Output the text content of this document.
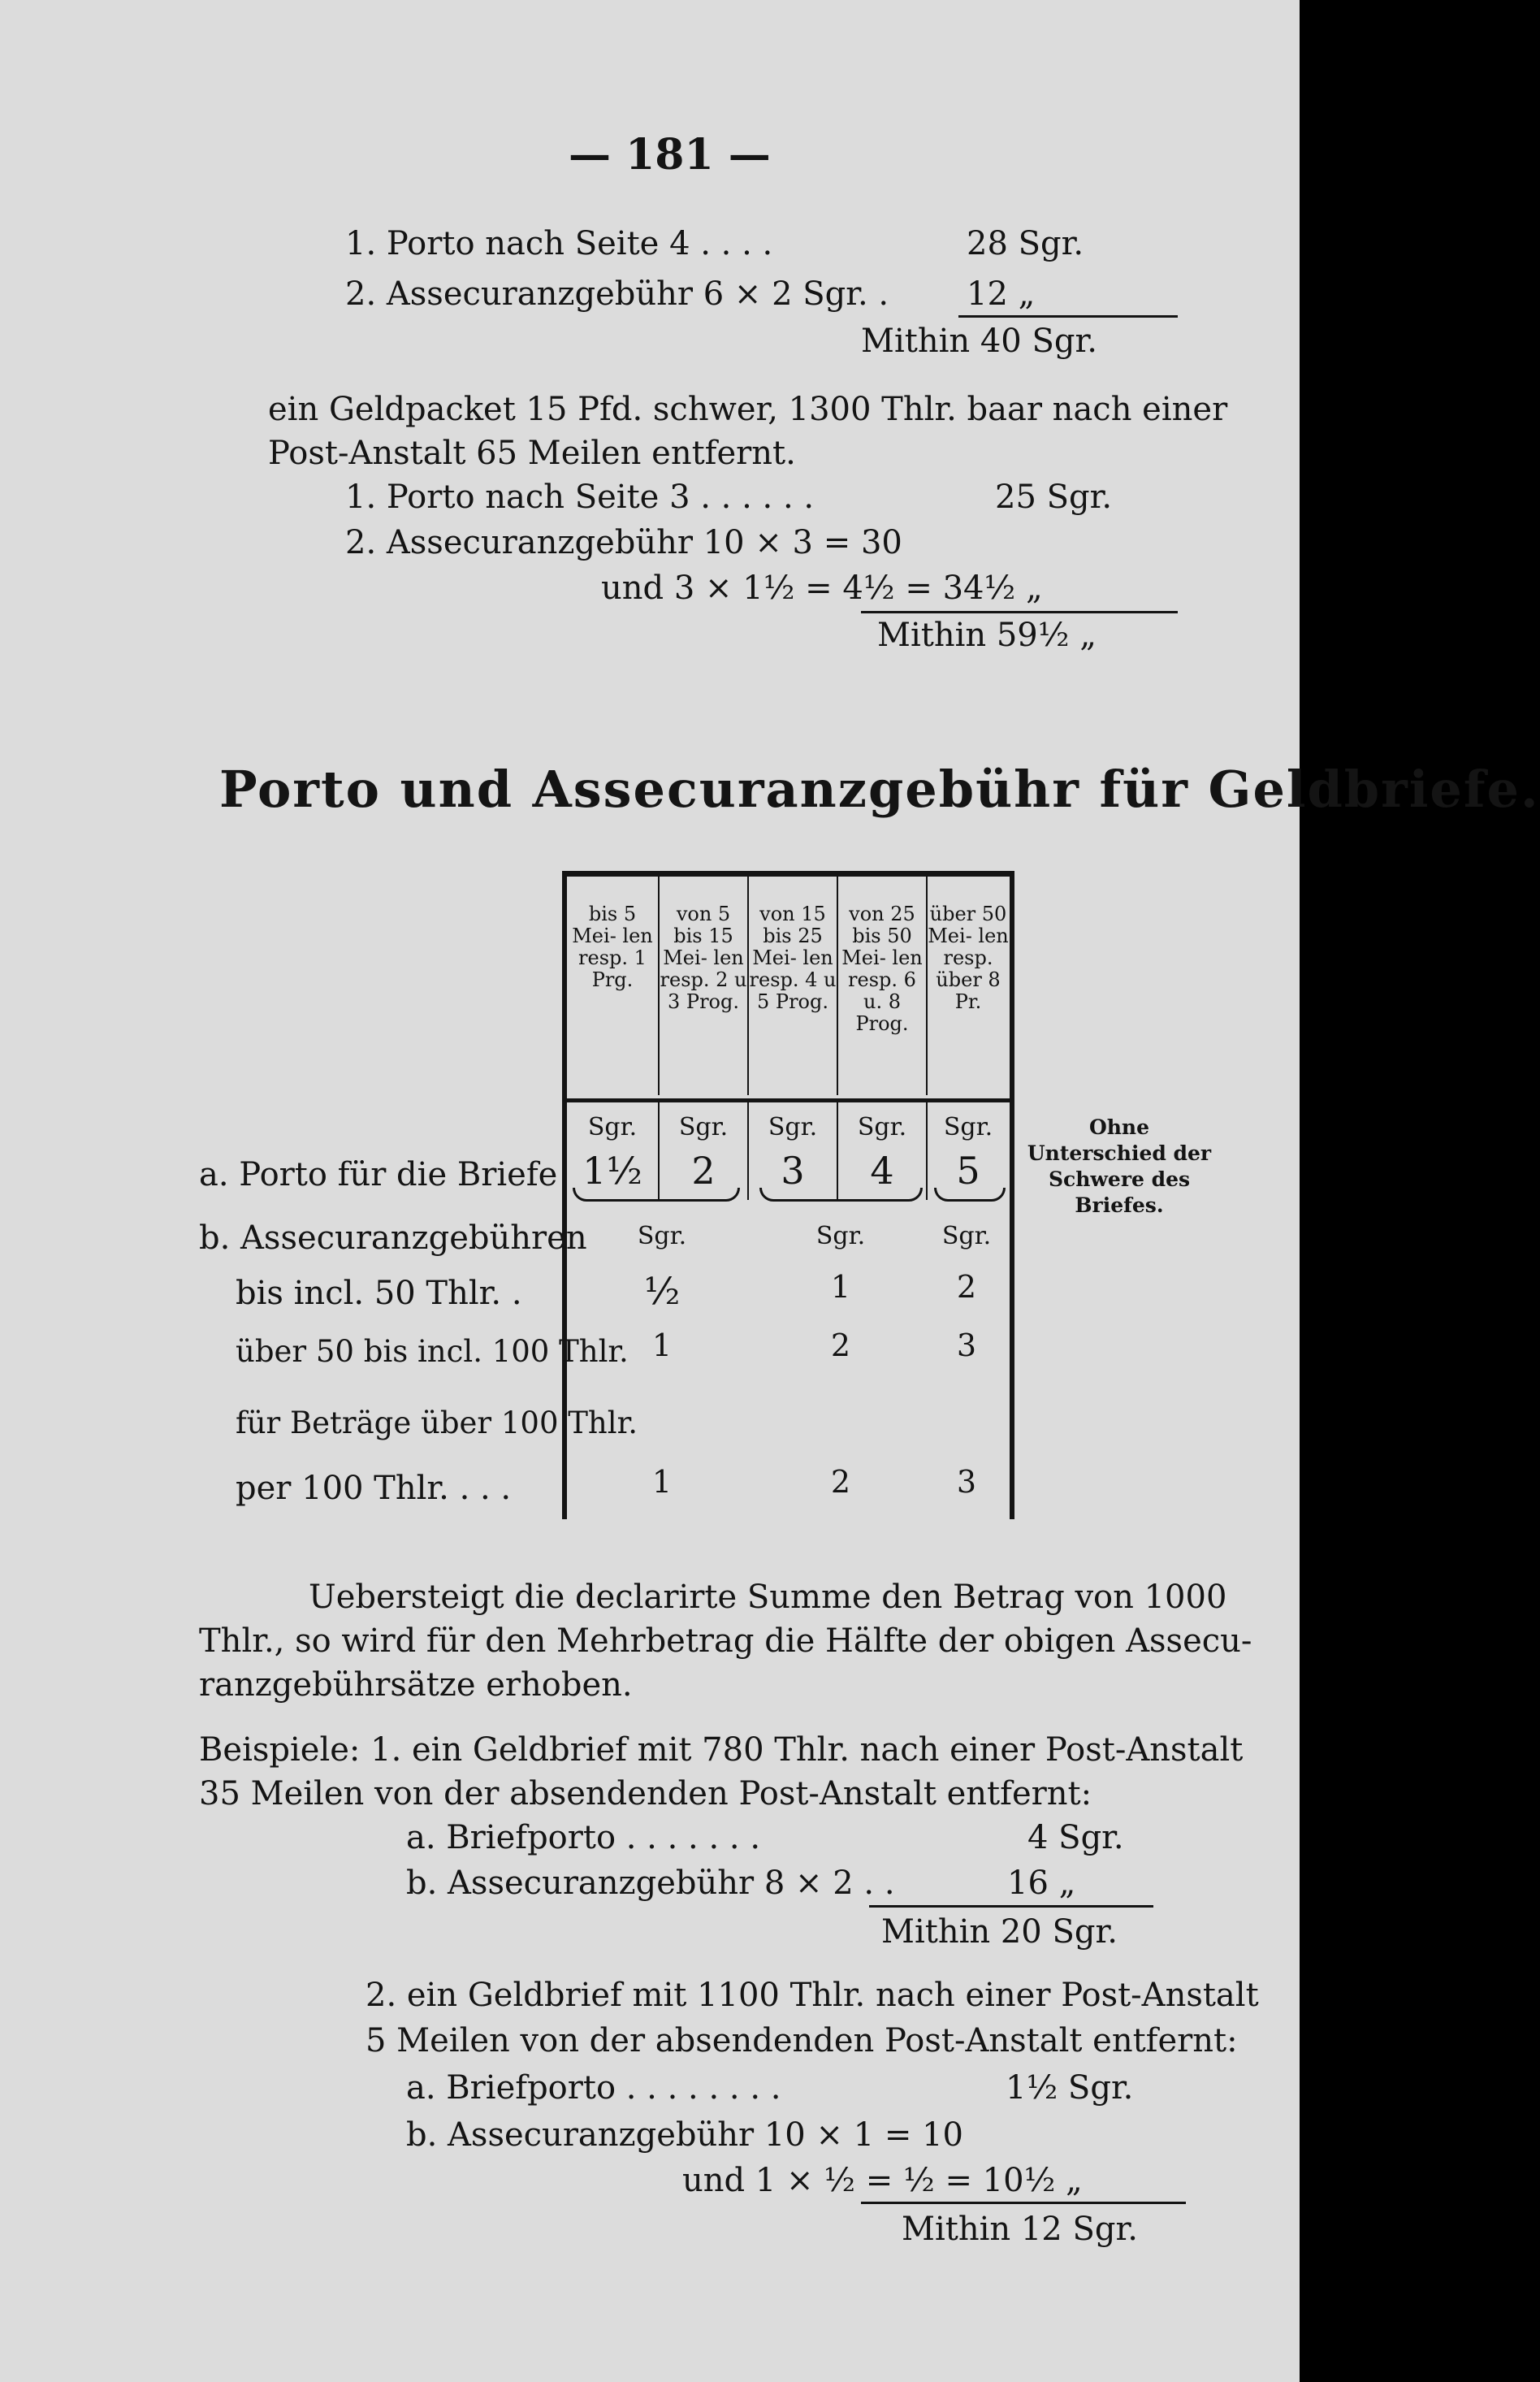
— 181 —
1. Porto nach Seite 4 . . . .	28 Sgr.
2. Assecuranzgebühr 6 × 2 Sgr. . 12 „
Mithin 40 Sgr.
ein Geldpacket 15 Pfd. schwer, 1300 Thlr. baar nach einer
Post-Anstalt 65 Meilen entfernt.
1. Porto nach Seite 3 . . . . . .	25 Sgr.
2. Assecuranzgebühr 10 × 3 = 30
und 3 × 1½ = 4½ = 34½ „
Mithin 59½ „
Porto und Assecuranzgebühr für Geldbriefe.
bis 5 Mei- len resp. 1 Prg.
von 5 bis 15 Mei- len resp. 2 u 3 Prog.
von 15 bis 25 Mei- len resp. 4 u 5 Prog.
von 25 bis 50 Mei- len resp. 6 u. 8 Prog.
über 50 Mei- len resp. über 8 Pr.
Sgr.	Sgr.	Sgr.	Sgr.	Sgr.
a. Porto für die Briefe 1½	2	3	4	5
Ohne Unterschied der Schwere des Briefes.
b. Assecuranzgebühren	Sgr.	Sgr.	Sgr.
bis incl. 50 Thlr. .	½	1	2
über 50 bis incl. 100 Thlr. 1	2	3
für Beträge über 100 Thlr.
per 100 Thlr. . . .	1	2	3
Uebersteigt die declarirte Summe den Betrag von 1000
Thlr., so wird für den Mehrbetrag die Hälfte der obigen Assecu-
ranzgebührsätze erhoben.
Beispiele: 1. ein Geldbrief mit 780 Thlr. nach einer Post-Anstalt
35 Meilen von der absendenden Post-Anstalt entfernt:
a. Briefporto . . . . . . .	4 Sgr.
b. Assecuranzgebühr 8 × 2 . .	16 „
Mithin 20 Sgr.
2. ein Geldbrief mit 1100 Thlr. nach einer Post-Anstalt
5 Meilen von der absendenden Post-Anstalt entfernt:
a. Briefporto . . . . . . . .	1½ Sgr.
b. Assecuranzgebühr 10 × 1 = 10
und 1 × ½ = ½ = 10½ „
Mithin 12 Sgr.
